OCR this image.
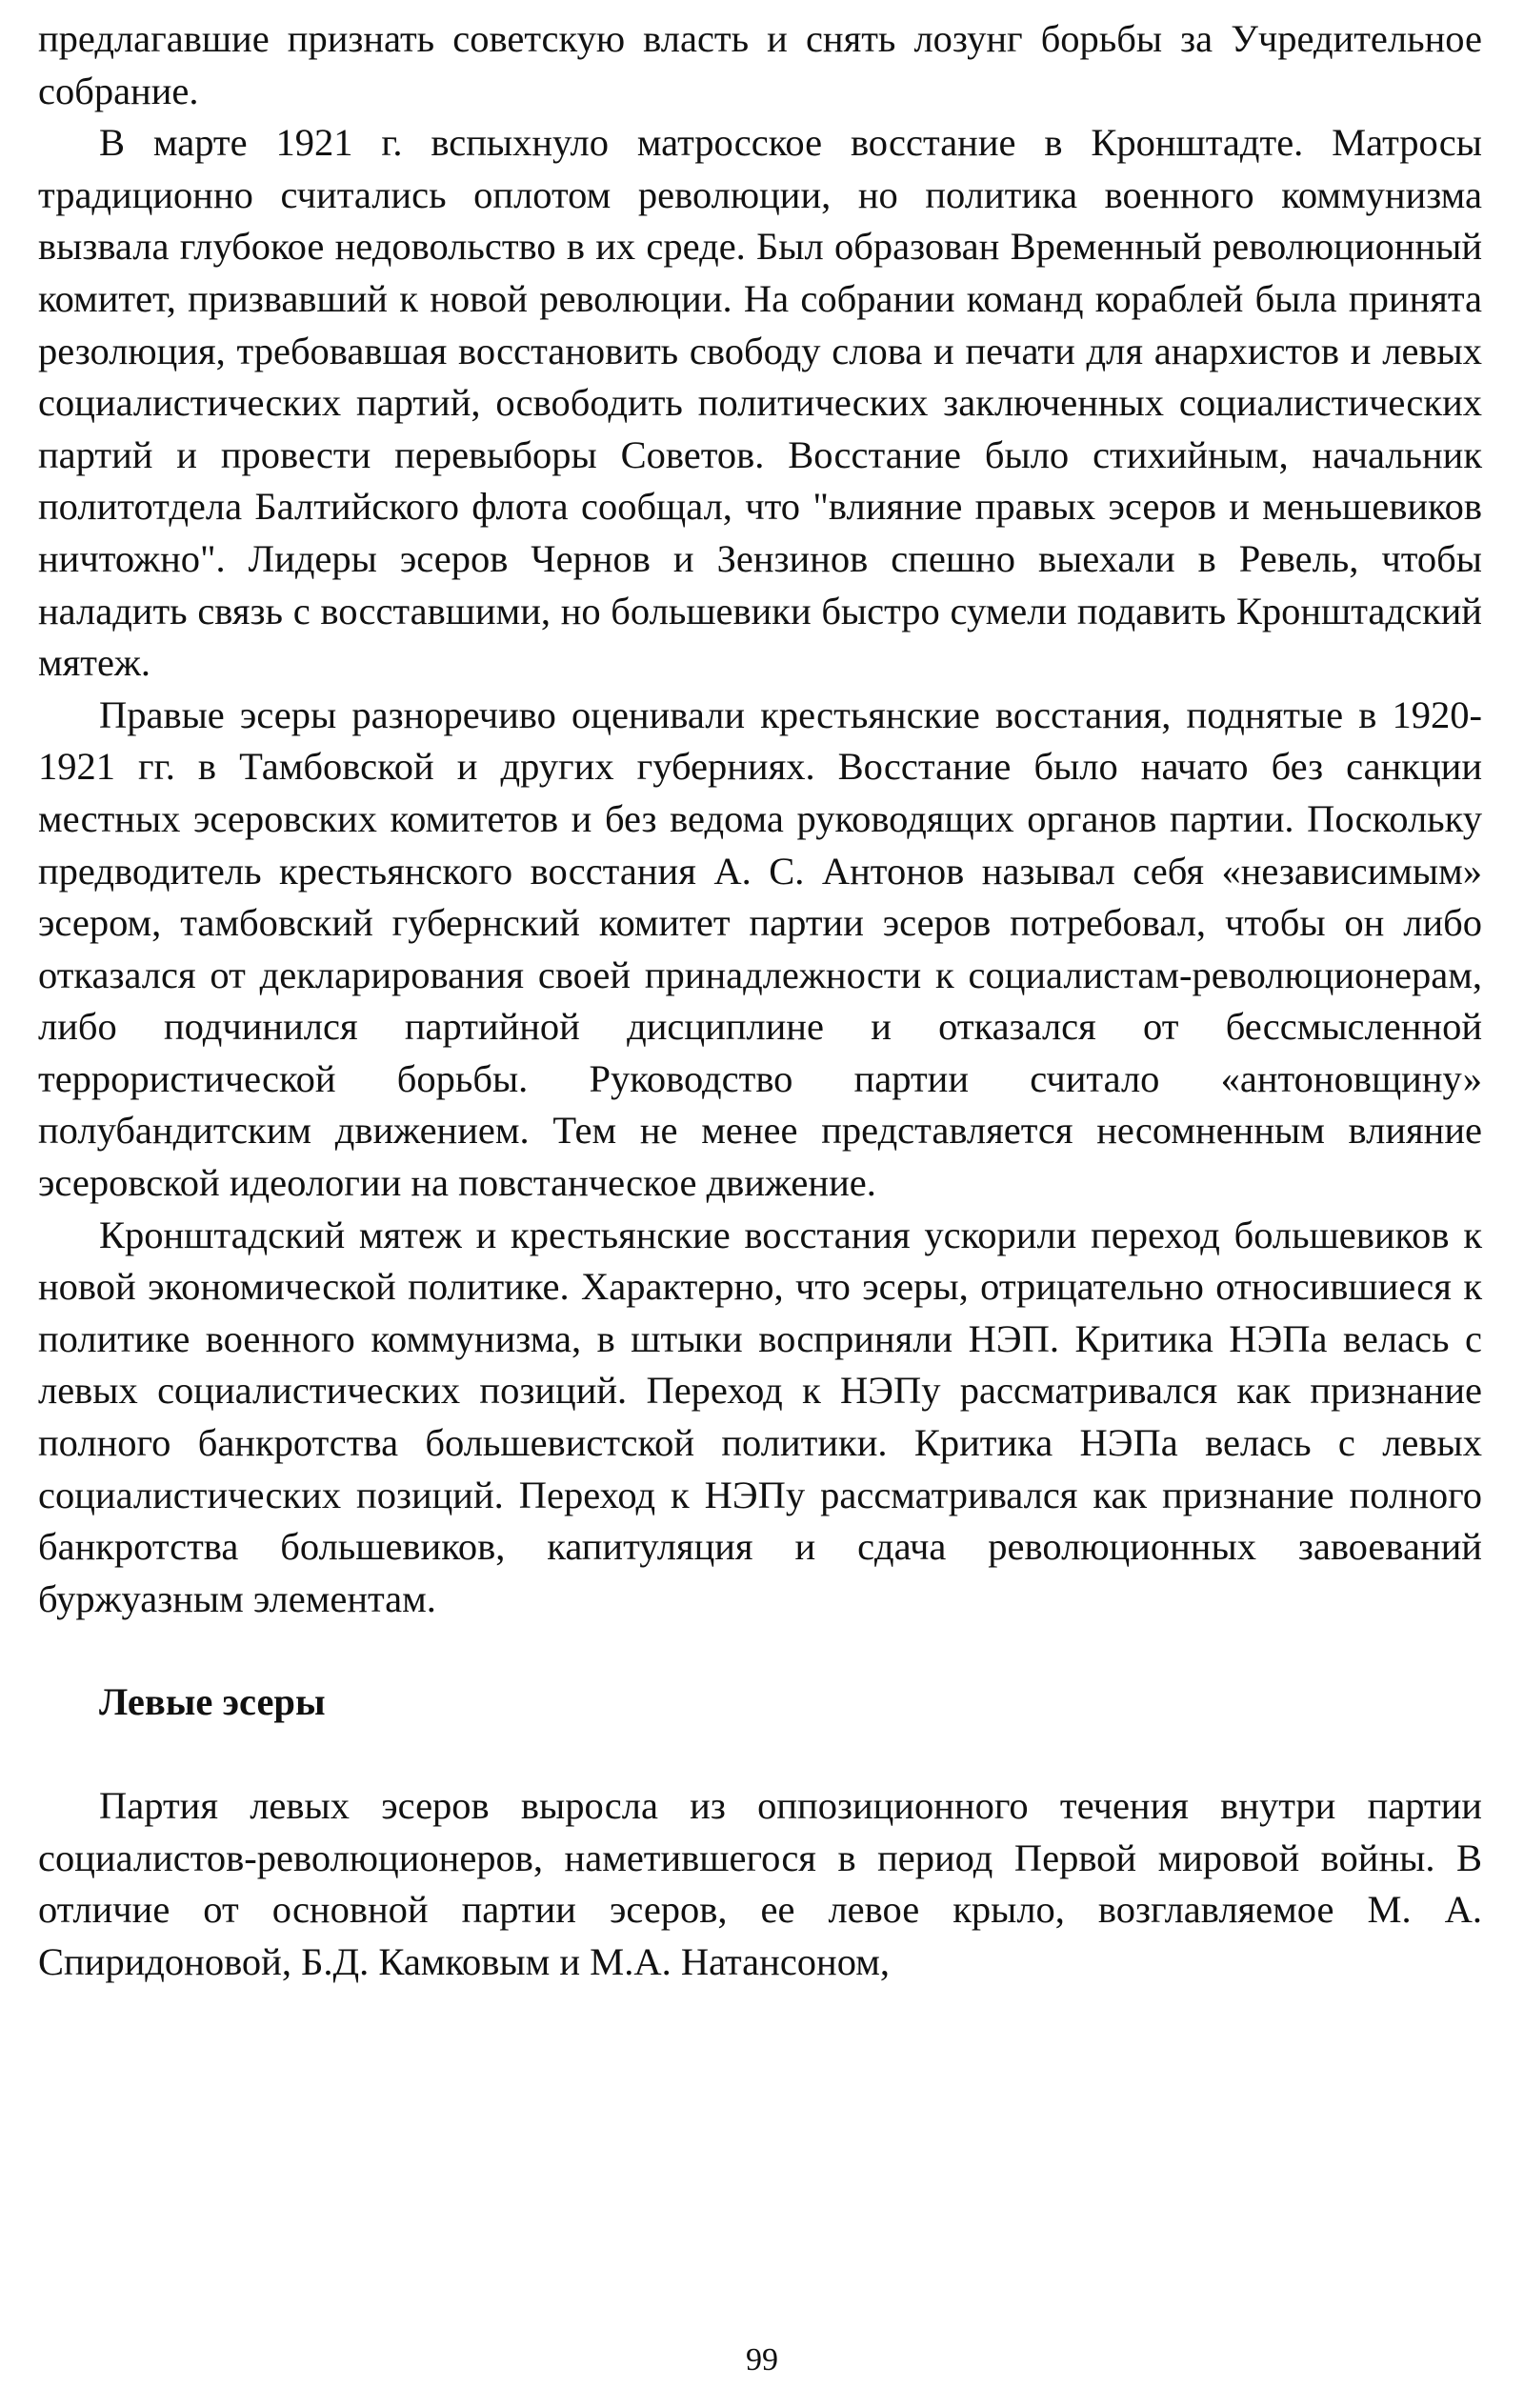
предлагавшие признать советскую власть и снять лозунг борьбы за Учредительное собрание.

В марте 1921 г. вспыхнуло матросское восстание в Кронштадте. Матросы традиционно считались оплотом революции, но политика военного коммунизма вызвала глубокое недовольство в их среде. Был образован Временный революционный комитет, призвавший к новой революции. На собрании команд кораблей была принята резолюция, требовавшая восстановить свободу слова и печати для анархистов и левых социалистических партий, освободить политических заключенных социалистических партий и провести перевыборы Советов. Восстание было стихийным, начальник политотдела Балтийского флота сообщал, что "влияние правых эсеров и меньшевиков ничтожно". Лидеры эсеров Чернов и Зензинов спешно выехали в Ревель, чтобы наладить связь с восставшими, но большевики быстро сумели подавить Кронштадский мятеж.

Правые эсеры разноречиво оценивали крестьянские восстания, поднятые в 1920-1921 гг. в Тамбовской и других губерниях. Восстание было начато без санкции местных эсеровских комитетов и без ведома руководящих органов партии. Поскольку предводитель крестьянского восстания А. С. Антонов называл себя «независимым» эсером, тамбовский губернский комитет партии эсеров потребовал, чтобы он либо отказался от декларирования своей принадлежности к социалистам-революционерам, либо подчинился партийной дисциплине и отказался от бессмысленной террористической борьбы. Руководство партии считало «антоновщину» полубандитским движением. Тем не менее представляется несомненным влияние эсеровской идеологии на повстанческое движение.

Кронштадский мятеж и крестьянские восстания ускорили переход большевиков к новой экономической политике. Характерно, что эсеры, отрицательно относившиеся к политике военного коммунизма, в штыки восприняли НЭП. Критика НЭПа велась с левых социалистических позиций. Переход к НЭПу рассматривался как признание полного банкротства большевистской политики. Критика НЭПа велась с левых социалистических позиций. Переход к НЭПу рассматривался как признание полного банкротства большевиков, капитуляция и сдача революционных завоеваний буржуазным элементам.

Левые эсеры

Партия левых эсеров выросла из оппозиционного течения внутри партии социалистов-революционеров, наметившегося в период Первой мировой войны. В отличие от основной партии эсеров, ее левое крыло, возглавляемое М. А. Спиридоновой, Б.Д. Камковым и М.А. Натансоном,

99
